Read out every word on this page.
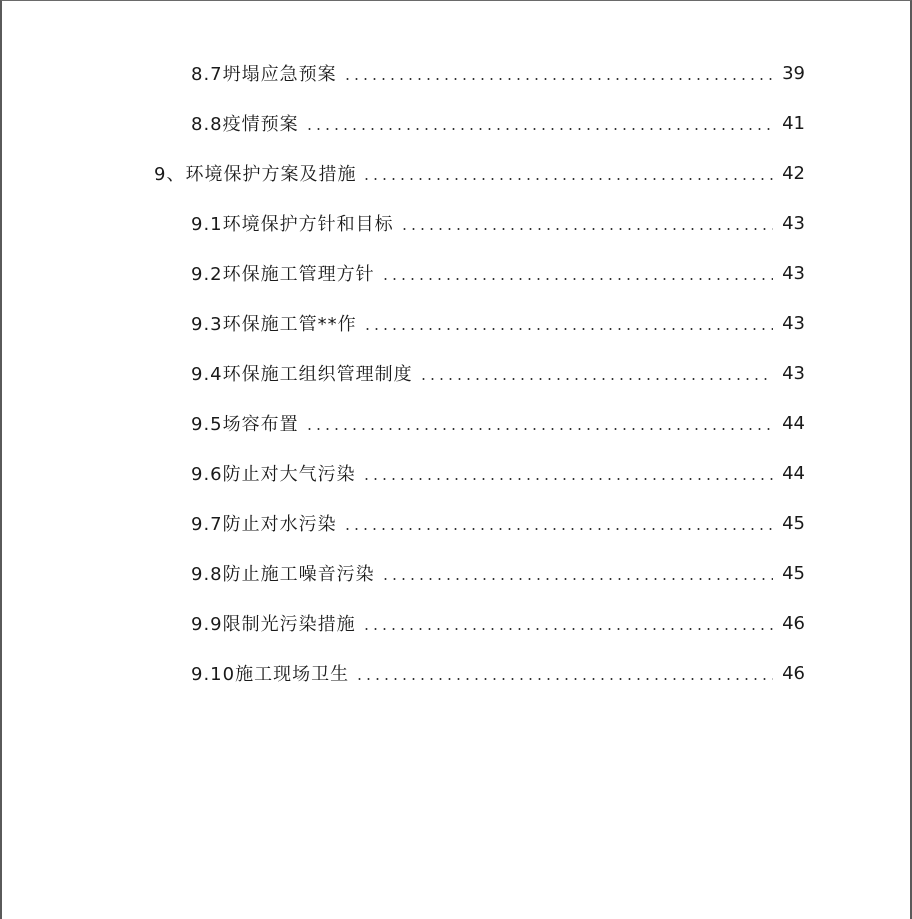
8.7坍塌应急预案	39
8.8疫情预案	41
9、环境保护方案及措施	42
9.1环境保护方针和目标	43
9.2环保施工管理方针	43
9.3环保施工管**作	43
9.4环保施工组织管理制度	43
9.5场容布置	44
9.6防止对大气污染	44
9.7防止对水污染	45
9.8防止施工噪音污染	45
9.9限制光污染措施	46
9.10施工现场卫生	46
